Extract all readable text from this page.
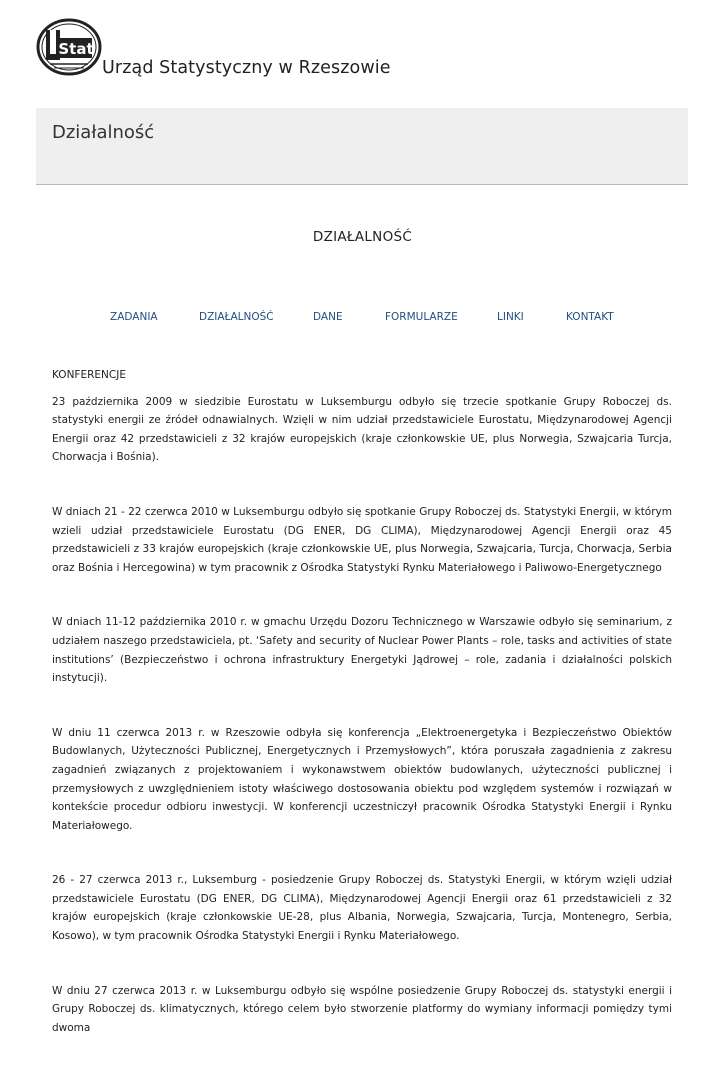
Stat
Urząd Statystyczny w Rzeszowie
Działalność
DZIAŁALNOŚĆ
ZADANIA	DZIAŁALNOŚĆ	DANE	FORMULARZE	LINKI	KONTAKT
KONFERENCJE

23 października 2009 w siedzibie Eurostatu w Luksemburgu odbyło się trzecie spotkanie Grupy Roboczej ds. statystyki energii ze źródeł odnawialnych. Wzięli w nim udział przedstawiciele Eurostatu, Międzynarodowej Agencji Energii oraz 42 przedstawicieli z 32 krajów europejskich (kraje członkowskie UE, plus Norwegia, Szwajcaria Turcja, Chorwacja i Bośnia).

W dniach 21 - 22 czerwca 2010 w Luksemburgu odbyło się spotkanie Grupy Roboczej ds. Statystyki Energii, w którym wzieli udział przedstawiciele Eurostatu (DG ENER, DG CLIMA), Międzynarodowej Agencji Energii oraz 45 przedstawicieli z 33 krajów europejskich (kraje członkowskie UE, plus Norwegia, Szwajcaria, Turcja, Chorwacja, Serbia oraz Bośnia i Hercegowina) w tym pracownik z Ośrodka Statystyki Rynku Materiałowego i Paliwowo-Energetycznego

W dniach 11-12 października 2010 r. w gmachu Urzędu Dozoru Technicznego w Warszawie odbyło się seminarium, z udziałem naszego przedstawiciela, pt. ‘Safety and security of Nuclear Power Plants – role, tasks and activities of state institutions’ (Bezpieczeństwo i ochrona infrastruktury Energetyki Jądrowej – role, zadania i działalności polskich instytucji).

W dniu 11 czerwca 2013 r. w Rzeszowie odbyła się konferencja „Elektroenergetyka i Bezpieczeństwo Obiektów Budowlanych, Użyteczności Publicznej, Energetycznych i Przemysłowych”, która poruszała zagadnienia z zakresu zagadnień związanych z projektowaniem i wykonawstwem obiektów budowlanych, użyteczności publicznej i przemysłowych z uwzględnieniem istoty właściwego dostosowania obiektu pod względem systemów i rozwiązań w kontekście procedur odbioru inwestycji. W konferencji uczestniczył pracownik Ośrodka Statystyki Energii i Rynku Materiałowego.

26 - 27 czerwca 2013 r., Luksemburg - posiedzenie Grupy Roboczej ds. Statystyki Energii, w którym wzięli udział przedstawiciele Eurostatu (DG ENER, DG CLIMA), Międzynarodowej Agencji Energii oraz 61 przedstawicieli z 32 krajów europejskich (kraje członkowskie UE-28, plus Albania, Norwegia, Szwajcaria, Turcja, Montenegro, Serbia, Kosowo), w tym pracownik Ośrodka Statystyki Energii i Rynku Materiałowego.

W dniu 27 czerwca 2013 r. w Luksemburgu odbyło się wspólne posiedzenie Grupy Roboczej ds. statystyki energii i Grupy Roboczej ds. klimatycznych, którego celem było stworzenie platformy do wymiany informacji pomiędzy tymi dwoma
